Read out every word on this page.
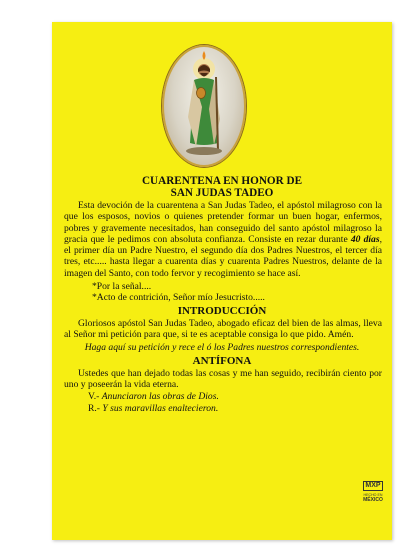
CUARENTENA EN HONOR DE
SAN JUDAS TADEO

Esta devoción de la cuarentena a San Judas Tadeo, el apóstol milagroso con la que los esposos, novios o quienes pretender formar un buen hogar, enfermos, pobres y gravemente necesitados, han conseguido del santo apóstol milagroso la gracia que le pedimos con absoluta confianza. Consiste en rezar durante 40 días, el primer día un Padre Nuestro, el segundo día dos Padres Nuestros, el tercer día tres, etc..... hasta llegar a cuarenta días y cuarenta Padres Nuestros, delante de la imagen del Santo, con todo fervor y recogimiento se hace así.

*Por la señal....

*Acto de contrición, Señor mío Jesucristo.....

INTRODUCCIÓN

Gloriosos apóstol San Judas Tadeo, abogado eficaz del bien de las almas, lleva al Señor mi petición para que, si te es aceptable consiga lo que pido. Amén.

Haga aquí su petición y rece el ó los Padres nuestros correspondientes.

ANTÍFONA

Ustedes que han dejado todas las cosas y me han seguido, recibirán ciento por uno y poseerán la vida eterna.

V.- Anunciaron las obras de Dios.

R.- Y sus maravillas enaltecieron.

MXP
HECHO EN
MÉXICO
